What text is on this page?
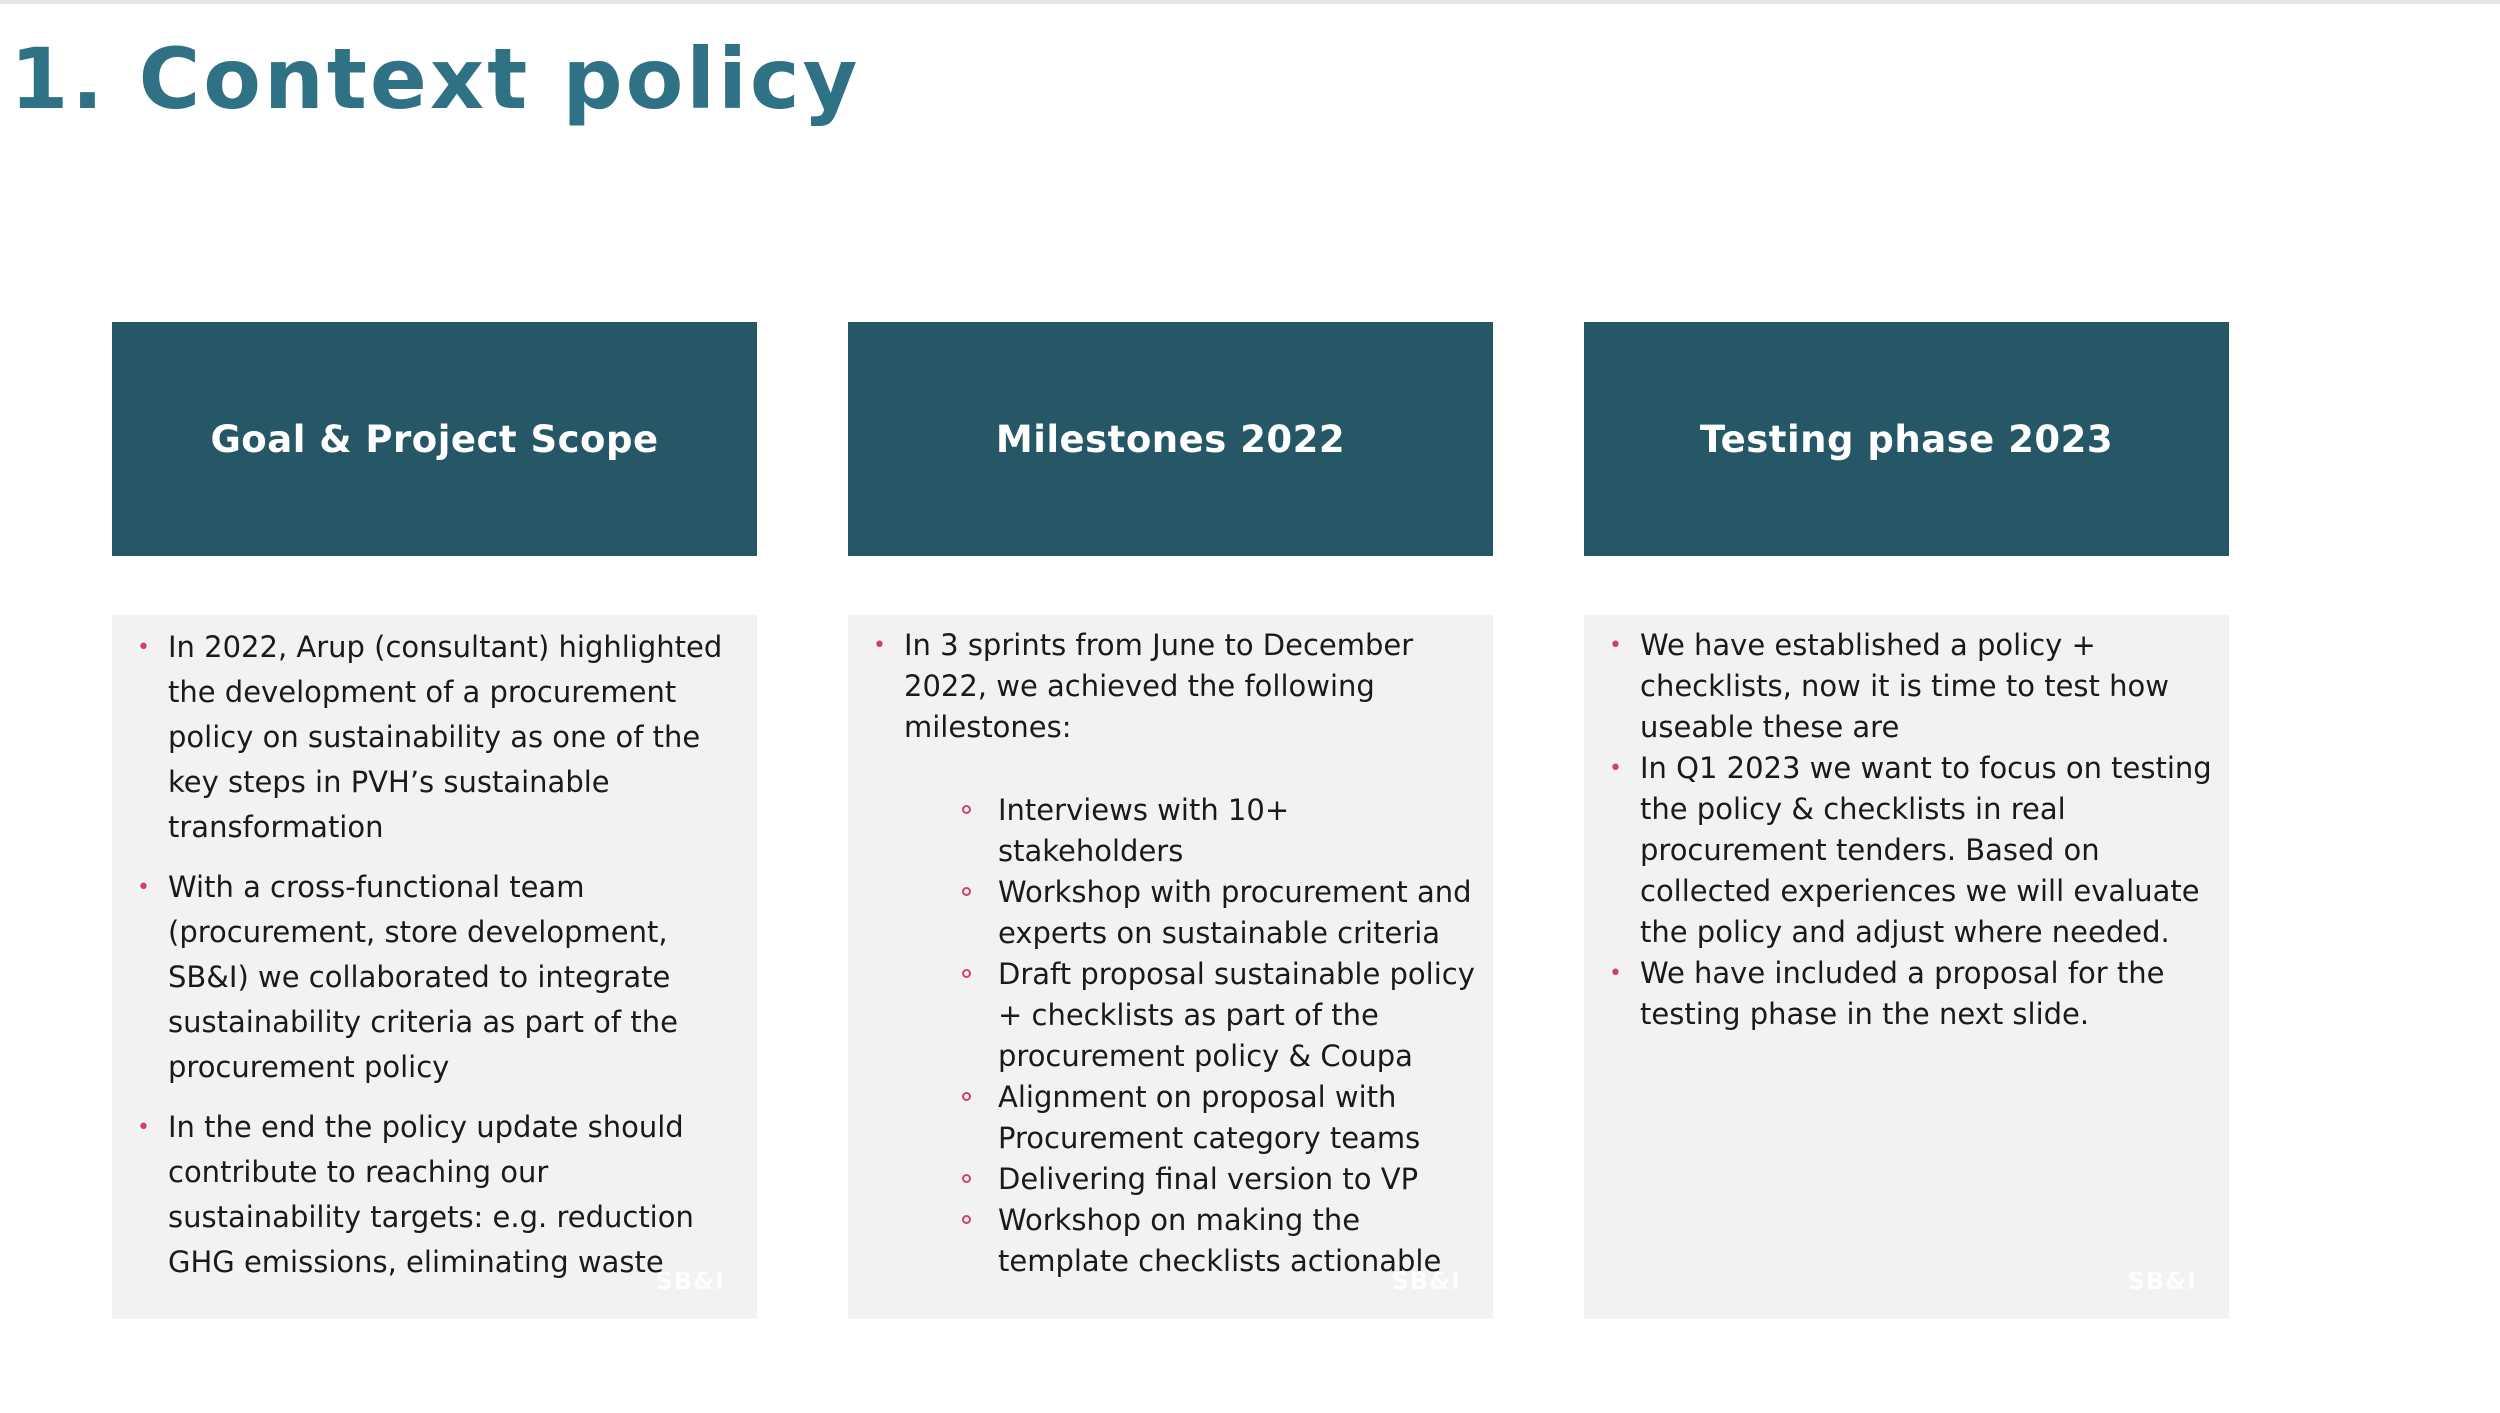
1. Context policy
Goal & Project Scope
• In 2022, Arup (consultant) highlighted the development of a procurement policy on sustainability as one of the key steps in PVH’s sustainable transformation
• With a cross-functional team (procurement, store development, SB&I) we collaborated to integrate sustainability criteria as part of the procurement policy
• In the end the policy update should contribute to reaching our sustainability targets: e.g. reduction GHG emissions, eliminating waste
SB&I
Milestones 2022
• In 3 sprints from June to December 2022, we achieved the following milestones:
Interviews with 10+ stakeholders
Workshop with procurement and experts on sustainable criteria
Draft proposal sustainable policy + checklists as part of the procurement policy & Coupa
Alignment on proposal with Procurement category teams
Delivering final version to VP
Workshop on making the template checklists actionable
SB&I
Testing phase 2023
• We have established a policy + checklists, now it is time to test how useable these are
• In Q1 2023 we want to focus on testing the policy & checklists in real procurement tenders. Based on collected experiences we will evaluate the policy and adjust where needed.
• We have included a proposal for the testing phase in the next slide.
SB&I
